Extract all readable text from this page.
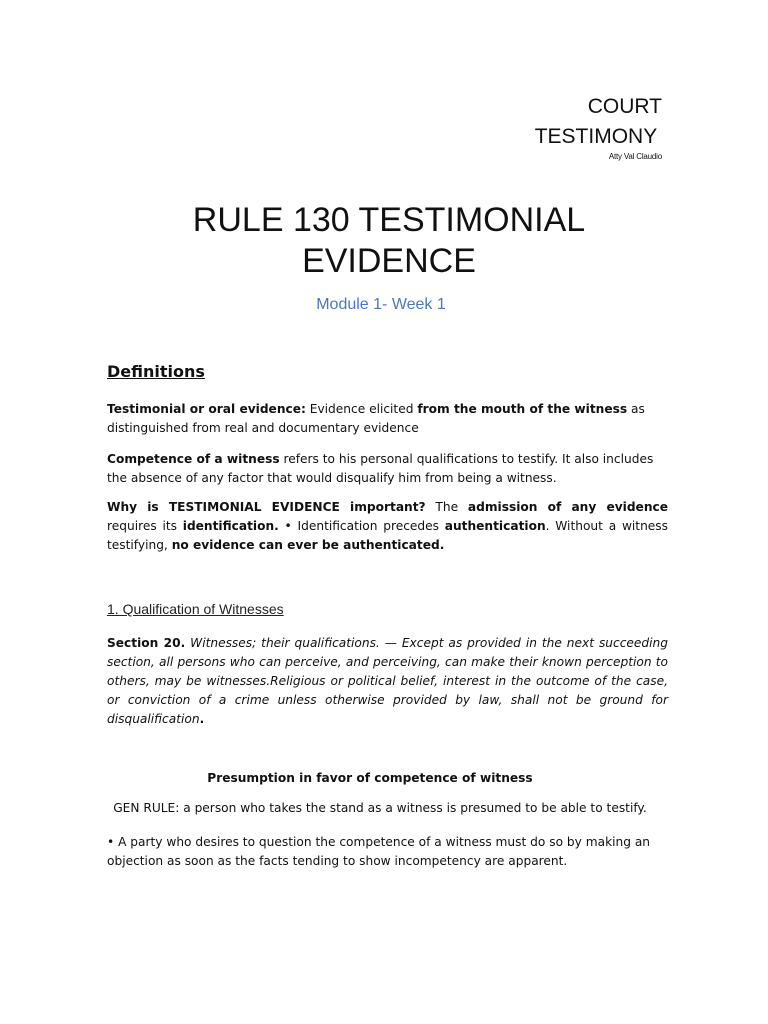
COURT
TESTIMONY
Atty Val Claudio
RULE 130 TESTIMONIAL
EVIDENCE
Module 1- Week 1
Definitions
Testimonial or oral evidence: Evidence elicited from the mouth of the witness as distinguished from real and documentary evidence
Competence of a witness refers to his personal qualifications to testify. It also includes the absence of any factor that would disqualify him from being a witness.
Why is TESTIMONIAL EVIDENCE important? The admission of any evidence requires its identification. • Identification precedes authentication. Without a witness testifying, no evidence can ever be authenticated.
1. Qualification of Witnesses
Section 20. Witnesses; their qualifications. — Except as provided in the next succeeding section, all persons who can perceive, and perceiving, can make their known perception to others, may be witnesses.Religious or political belief, interest in the outcome of the case, or conviction of a crime unless otherwise provided by law, shall not be ground for disqualification.
Presumption in favor of competence of witness
GEN RULE: a person who takes the stand as a witness is presumed to be able to testify.
• A party who desires to question the competence of a witness must do so by making an objection as soon as the facts tending to show incompetency are apparent.
